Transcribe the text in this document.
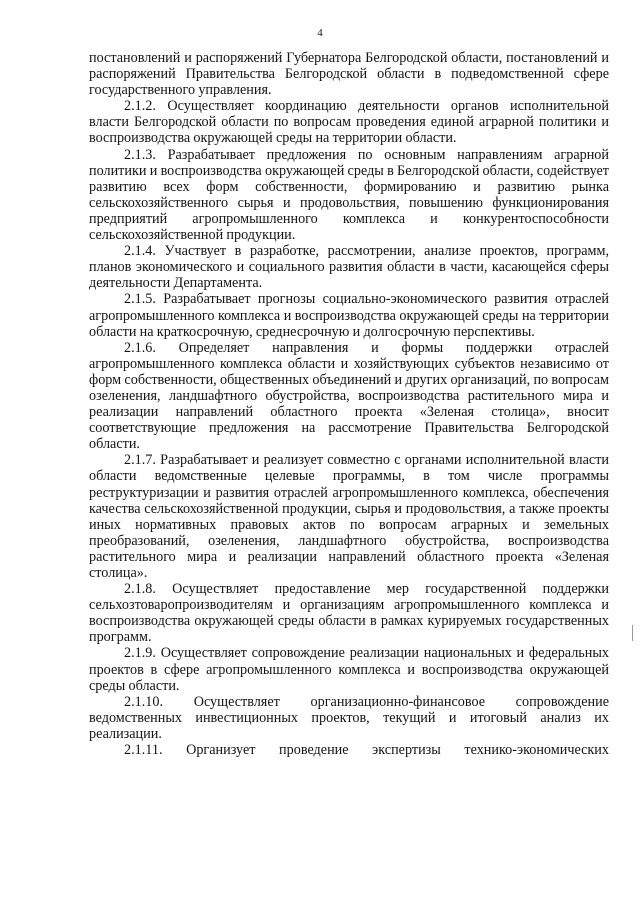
4

постановлений и распоряжений Губернатора Белгородской области, постановлений и распоряжений Правительства Белгородской области в подведомственной сфере государственного управления.

2.1.2. Осуществляет координацию деятельности органов исполнительной власти Белгородской области по вопросам проведения единой аграрной политики и воспроизводства окружающей среды на территории области.

2.1.3. Разрабатывает предложения по основным направлениям аграрной политики и воспроизводства окружающей среды в Белгородской области, содействует развитию всех форм собственности, формированию и развитию рынка сельскохозяйственного сырья и продовольствия, повышению функционирования предприятий агропромышленного комплекса и конкурентоспособности сельскохозяйственной продукции.

2.1.4. Участвует в разработке, рассмотрении, анализе проектов, программ, планов экономического и социального развития области в части, касающейся сферы деятельности Департамента.

2.1.5. Разрабатывает прогнозы социально-экономического развития отраслей агропромышленного комплекса и воспроизводства окружающей среды на территории области на краткосрочную, среднесрочную и долгосрочную перспективы.

2.1.6. Определяет направления и формы поддержки отраслей агропромышленного комплекса области и хозяйствующих субъектов независимо от форм собственности, общественных объединений и других организаций, по вопросам озеленения, ландшафтного обустройства, воспроизводства растительного мира и реализации направлений областного проекта «Зеленая столица», вносит соответствующие предложения на рассмотрение Правительства Белгородской области.

2.1.7. Разрабатывает и реализует совместно с органами исполнительной власти области ведомственные целевые программы, в том числе программы реструктуризации и развития отраслей агропромышленного комплекса, обеспечения качества сельскохозяйственной продукции, сырья и продовольствия, а также проекты иных нормативных правовых актов по вопросам аграрных и земельных преобразований, озеленения, ландшафтного обустройства, воспроизводства растительного мира и реализации направлений областного проекта «Зеленая столица».

2.1.8. Осуществляет предоставление мер государственной поддержки сельхозтоваропроизводителям и организациям агропромышленного комплекса и воспроизводства окружающей среды области в рамках курируемых государственных программ.

2.1.9. Осуществляет сопровождение реализации национальных и федеральных проектов в сфере агропромышленного комплекса и воспроизводства окружающей среды области.

2.1.10. Осуществляет организационно-финансовое сопровождение ведомственных инвестиционных проектов, текущий и итоговый анализ их реализации.

2.1.11. Организует проведение экспертизы технико-экономических
